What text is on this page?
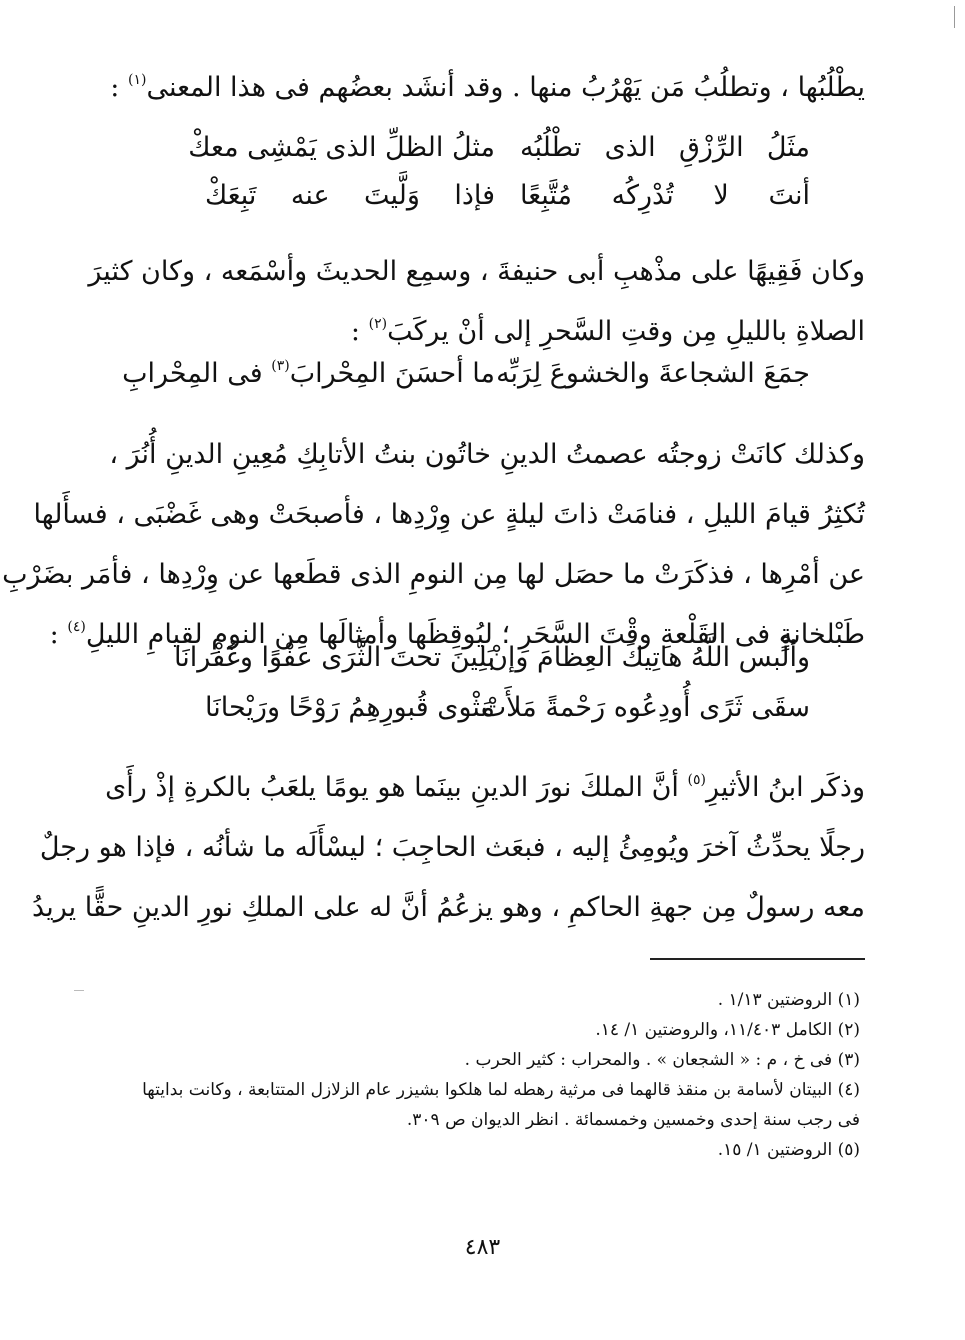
يطْلُبُها ، وتطلُبُ مَن يَهْرُبُ منها . وقد أنشَد بعضُهم فى هذا المعنى$^{(١)}$ :
مثَلُ الرِّزْقِ الذى تطْلُبُه
مثلُ الظلِّ الذى يَمْشِى معكْ
أنتَ لا تُدْرِكُه مُتَّبِعًا
فإذا وَلَّيتَ عنه تَبِعَكْ
وكان فَقِيهًا على مذْهبِ أبى حنيفةَ ، وسمِع الحديثَ وأسْمَعه ، وكان كثيرَ
الصلاةِ بالليلِ مِن وقتِ السَّحرِ إلى أنْ يركَبَ$^{(٢)}$ :
جمَعَ الشجاعةَ والخشوعَ لِرَبِّه
ما أحسَنَ المِحْرابَ$^{(٣)}$ فى المِحْرابِ
وكذلك كانَتْ زوجتُه عصمتُ الدينِ خاتُون بنتُ الأتابِكِ مُعِينِ الدينِ أُنُرَ ،
تُكثِرُ قيامَ الليلِ ، فنامَتْ ذاتَ ليلةٍ عن وِرْدِها ، فأصبحَتْ وهى غَضْبَى ، فسأَلها
عن أمْرِها ، فذكَرَتْ ما حصَل لها مِن النومِ الذى قطَعها عن وِرْدِها ، فأمَر بضَرْبِ
طَبْلخانةٍ فى القَلْعةِ وقْتَ السَّحَرِ ؛ ليُوقِظَها وأمثالَها مِن النومِ لقيامِ الليلِ$^{(٤)}$ :
وألْبس اللَّهُ هاتِيكَ العِظامَ وإنْ
بَلِينَ تحتَ الثَّرَى عفْوًا وغُفْرانَا
سقَى ثَرًى أُودِعُوه رَحْمةً مَلأَتْ
مَثْوى قُبورِهِمُ رَوْحًا ورَيْحانَا
وذكَر ابنُ الأثيرِ$^{(٥)}$ أنَّ الملكَ نورَ الدينِ بينَما هو يومًا يلعَبُ بالكرةِ إذْ رأَى
رجلًا يحدِّثُ آخرَ ويُومِئُ إليه ، فبعَث الحاجِبَ ؛ ليسْأَلَه ما شأنُه ، فإذا هو رجلٌ
معه رسولٌ مِن جهةِ الحاكمِ ، وهو يزعُمُ أنَّ له على الملكِ نورِ الدينِ حقًّا يريدُ
(١) الروضتين ١/١٣ .
(٢) الكامل ١١/٤٠٣، والروضتين ١/ ١٤.
(٣) فى خ ، م : « الشجعان » . والمحراب : كثير الحرب .
(٤) البيتان لأسامة بن منقذ قالهما فى مرثية رهطه لما هلكوا بشيزر عام الزلازل المتتابعة ، وكانت بدايتها
فى رجب سنة إحدى وخمسين وخمسمائة . انظر الديوان ص ٣٠٩.
(٥) الروضتين ١/ ١٥.
٤٨٣
